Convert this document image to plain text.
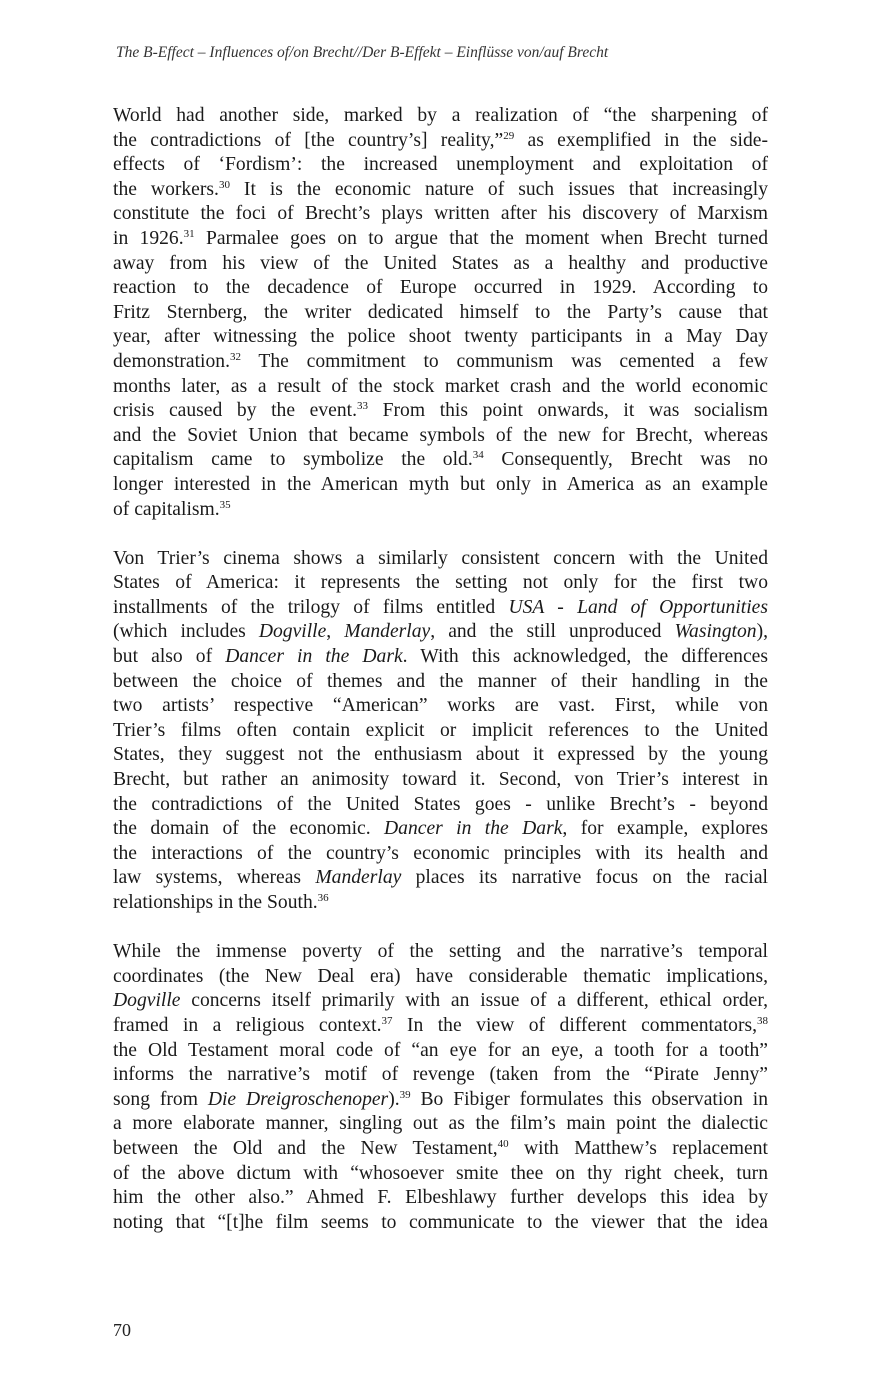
The B-Effect – Influences of/on Brecht//Der B-Effekt – Einflüsse von/auf Brecht
World had another side, marked by a realization of “the sharpening of
the contradictions of [the country’s] reality,”$^{29}$ as exemplified in the side-
effects of ‘Fordism’: the increased unemployment and exploitation of
the workers.$^{30}$ It is the economic nature of such issues that increasingly
constitute the foci of Brecht’s plays written after his discovery of Marxism
in 1926.31 Parmalee goes on to argue that the moment when Brecht turned
away from his view of the United States as a healthy and productive
reaction to the decadence of Europe occurred in 1929. According to
Fritz Sternberg, the writer dedicated himself to the Party’s cause that
year, after witnessing the police shoot twenty participants in a May Day
demonstration.$^{32}$ The commitment to communism was cemented a few
months later, as a result of the stock market crash and the world economic
crisis caused by the event.$^{33}$ From this point onwards, it was socialism
and the Soviet Union that became symbols of the new for Brecht, whereas
capitalism came to symbolize the old.$^{34}$ Consequently, Brecht was no
longer interested in the American myth but only in America as an example
of capitalism.$^{35}$
Von Trier’s cinema shows a similarly consistent concern with the United
States of America: it represents the setting not only for the first two
installments of the trilogy of films entitled USA - Land of Opportunities
(which includes Dogville, Manderlay, and the still unproduced Wasington),
but also of Dancer in the Dark. With this acknowledged, the differences
between the choice of themes and the manner of their handling in the
two artists’ respective “American” works are vast. First, while von
Trier’s films often contain explicit or implicit references to the United
States, they suggest not the enthusiasm about it expressed by the young
Brecht, but rather an animosity toward it. Second, von Trier’s interest in
the contradictions of the United States goes - unlike Brecht’s - beyond
the domain of the economic. Dancer in the Dark, for example, explores
the interactions of the country’s economic principles with its health and
law systems, whereas Manderlay places its narrative focus on the racial
relationships in the South.$^{36}$
While the immense poverty of the setting and the narrative’s temporal
coordinates (the New Deal era) have considerable thematic implications,
Dogville concerns itself primarily with an issue of a different, ethical order,
framed in a religious context.$^{37}$ In the view of different commentators,$^{38}$
the Old Testament moral code of “an eye for an eye, a tooth for a tooth”
informs the narrative’s motif of revenge (taken from the “Pirate Jenny”
song from Die Dreigroschenoper).$^{39}$ Bo Fibiger formulates this observation in
a more elaborate manner, singling out as the film’s main point the dialectic
between the Old and the New Testament,$^{40}$ with Matthew’s replacement
of the above dictum with “whosoever smite thee on thy right cheek, turn
him the other also.” Ahmed F. Elbeshlawy further develops this idea by
noting that “[t]he film seems to communicate to the viewer that the idea
70
